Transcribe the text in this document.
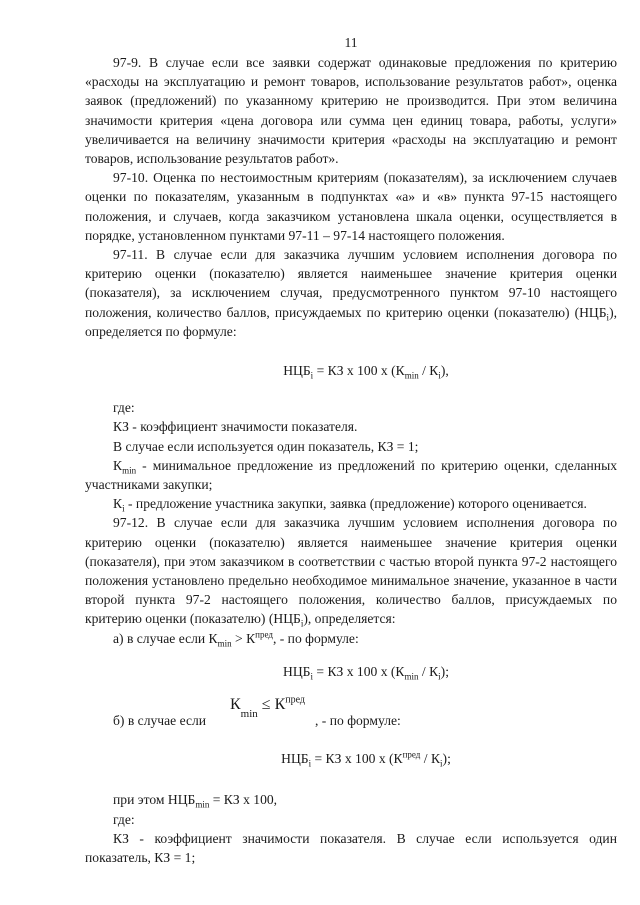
11

97-9. В случае если все заявки содержат одинаковые предложения по критерию «расходы на эксплуатацию и ремонт товаров, использование результатов работ», оценка заявок (предложений) по указанному критерию не производится. При этом величина значимости критерия «цена договора или сумма цен единиц товара, работы, услуги» увеличивается на величину значимости критерия «расходы на эксплуатацию и ремонт товаров, использование результатов работ».

97-10. Оценка по нестоимостным критериям (показателям), за исключением случаев оценки по показателям, указанным в подпунктах «а» и «в» пункта 97-15 настоящего положения, и случаев, когда заказчиком установлена шкала оценки, осуществляется в порядке, установленном пунктами 97-11 – 97-14 настоящего положения.

97-11. В случае если для заказчика лучшим условием исполнения договора по критерию оценки (показателю) является наименьшее значение критерия оценки (показателя), за исключением случая, предусмотренного пунктом 97-10 настоящего положения, количество баллов, присуждаемых по критерию оценки (показателю) $(НЦБ_i)$, определяется по формуле:

$НЦБ_i$ = КЗ х 100 х $(К_{min} / К_i)$,

где:

КЗ - коэффициент значимости показателя.

В случае если используется один показатель, КЗ = 1;

$К_{min}$ - минимальное предложение из предложений по критерию оценки, сделанных участниками закупки;

$К_i$ - предложение участника закупки, заявка (предложение) которого оценивается.

97-12. В случае если для заказчика лучшим условием исполнения договора по критерию оценки (показателю) является наименьшее значение критерия оценки (показателя), при этом заказчиком в соответствии с частью второй пункта 97-2 настоящего положения установлено предельно необходимое минимальное значение, указанное в части второй пункта 97-2 настоящего положения, количество баллов, присуждаемых по критерию оценки (показателю) $(НЦБ_i)$, определяется:

а) в случае если $К_{min} > К^{пред}$, - по формуле:

$НЦБ_i$ = КЗ х 100 х $(К_{min} / К_i)$;

б) в случае если
$К_{min} \le К^{пред}$
, - по формуле:

$НЦБ_i$ = КЗ х 100 х $(К^{пред} / К_i)$;

при этом $НЦБ_{min}$ = КЗ х 100,

где:

КЗ - коэффициент значимости показателя. В случае если используется один показатель, КЗ = 1;
